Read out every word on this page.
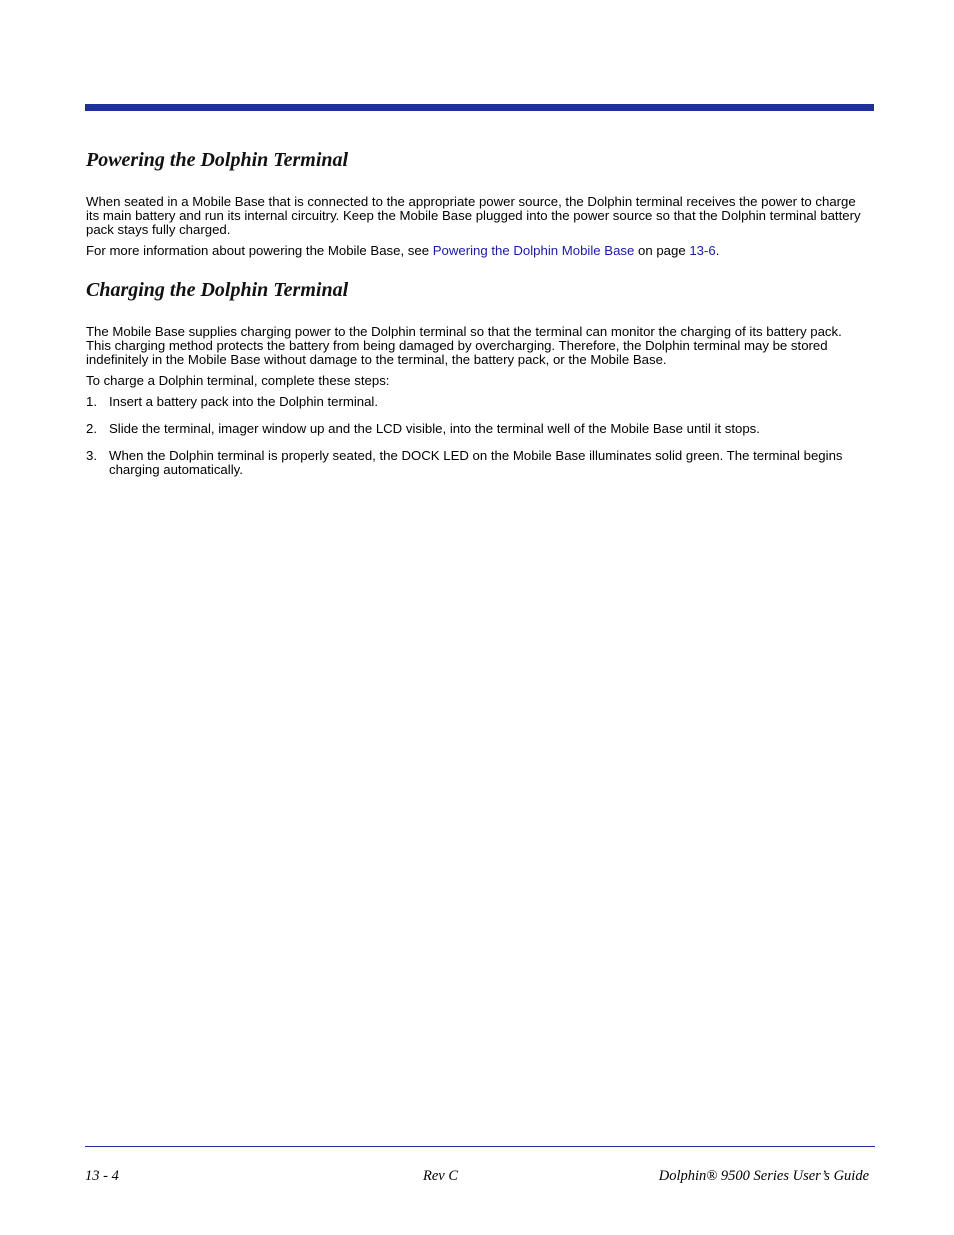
Powering the Dolphin Terminal

When seated in a Mobile Base that is connected to the appropriate power source, the Dolphin terminal receives the power to charge its main battery and run its internal circuitry. Keep the Mobile Base plugged into the power source so that the Dolphin terminal battery pack stays fully charged.

For more information about powering the Mobile Base, see Powering the Dolphin Mobile Base on page 13-6.

Charging the Dolphin Terminal

The Mobile Base supplies charging power to the Dolphin terminal so that the terminal can monitor the charging of its battery pack. This charging method protects the battery from being damaged by overcharging. Therefore, the Dolphin terminal may be stored indefinitely in the Mobile Base without damage to the terminal, the battery pack, or the Mobile Base.

To charge a Dolphin terminal, complete these steps:

1. Insert a battery pack into the Dolphin terminal.
2. Slide the terminal, imager window up and the LCD visible, into the terminal well of the Mobile Base until it stops.
3. When the Dolphin terminal is properly seated, the DOCK LED on the Mobile Base illuminates solid green. The terminal begins charging automatically.
13 - 4	Rev C	Dolphin® 9500 Series User’s Guide
